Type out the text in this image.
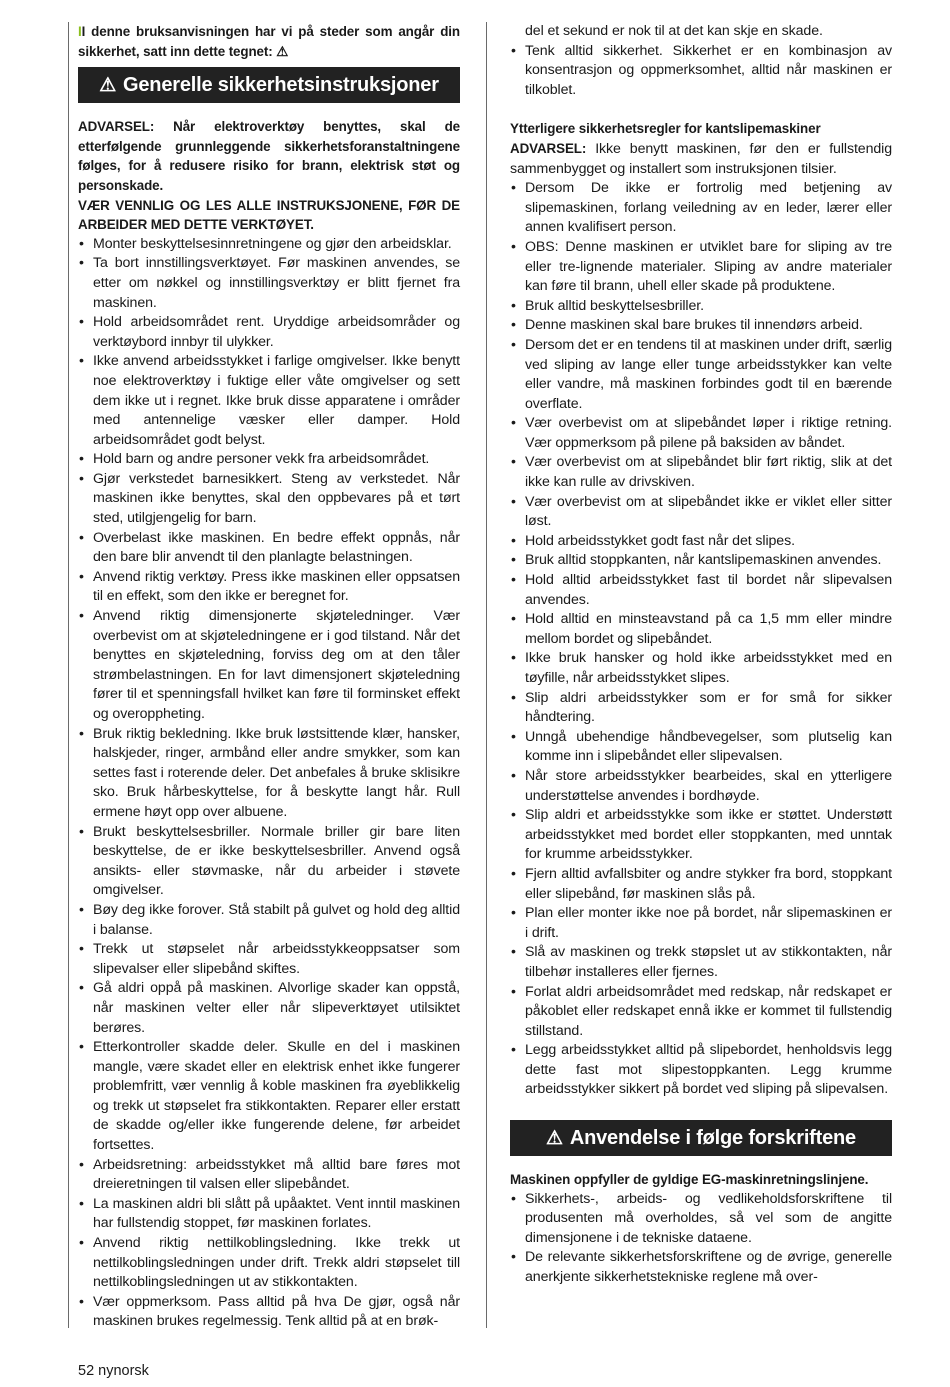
II denne bruksanvisningen har vi på steder som angår din sikkerhet, satt inn dette tegnet: ⚠

⚠ Generelle sikkerhetsinstruksjoner

ADVARSEL: Når elektroverktøy benyttes, skal de etterfølgende grunnleggende sikkerhetsforanstaltningene følges, for å redusere risiko for brann, elektrisk støt og personskade.

VÆR VENNLIG OG LES ALLE INSTRUKSJONENE, FØR DE ARBEIDER MED DETTE VERKTØYET.

• Monter beskyttelsesinnretningene og gjør den arbeidsklar.
• Ta bort innstillingsverktøyet. Før maskinen anvendes, se etter om nøkkel og innstillingsverktøy er blitt fjernet fra maskinen.
• Hold arbeidsområdet rent. Uryddige arbeidsområder og verktøybord innbyr til ulykker.
• Ikke anvend arbeidsstykket i farlige omgivelser. Ikke benytt noe elektroverktøy i fuktige eller våte omgivelser og sett dem ikke ut i regnet. Ikke bruk disse apparatene i områder med antennelige væsker eller damper. Hold arbeidsområdet godt belyst.
• Hold barn og andre personer vekk fra arbeidsområdet.
• Gjør verkstedet barnesikkert. Steng av verkstedet. Når maskinen ikke benyttes, skal den oppbevares på et tørt sted, utilgjengelig for barn.
• Overbelast ikke maskinen. En bedre effekt oppnås, når den bare blir anvendt til den planlagte belastningen.
• Anvend riktig verktøy. Press ikke maskinen eller oppsatsen til en effekt, som den ikke er beregnet for.
• Anvend riktig dimensjonerte skjøteledninger. Vær overbevist om at skjøteledningene er i god tilstand. Når det benyttes en skjøteledning, forviss deg om at den tåler strømbelastningen. En for lavt dimensjonert skjøteledning fører til et spenningsfall hvilket kan føre til forminsket effekt og overoppheting.
• Bruk riktig bekledning. Ikke bruk løstsittende klær, hansker, halskjeder, ringer, armbånd eller andre smykker, som kan settes fast i roterende deler. Det anbefales å bruke sklisikre sko. Bruk hårbeskyttelse, for å beskytte langt hår. Rull ermene høyt opp over albuene.
• Brukt beskyttelsesbriller. Normale briller gir bare liten beskyttelse, de er ikke beskyttelsesbriller. Anvend også ansikts- eller støvmaske, når du arbeider i støvete omgivelser.
• Bøy deg ikke forover. Stå stabilt på gulvet og hold deg alltid i balanse.
• Trekk ut støpselet når arbeidsstykkeoppsatser som slipevalser eller slipebånd skiftes.
• Gå aldri oppå på maskinen. Alvorlige skader kan oppstå, når maskinen velter eller når slipeverktøyet utilsiktet berøres.
• Etterkontroller skadde deler. Skulle en del i maskinen mangle, være skadet eller en elektrisk enhet ikke fungerer problemfritt, vær vennlig å koble maskinen fra øyeblikkelig og trekk ut støpselet fra stikkontakten. Reparer eller erstatt de skadde og/eller ikke fungerende delene, før arbeidet fortsettes.
• Arbeidsretning: arbeidsstykket må alltid bare føres mot dreieretningen til valsen eller slipebåndet.
• La maskinen aldri bli slått på upåaktet. Vent inntil maskinen har fullstendig stoppet, før maskinen forlates.
• Anvend riktig nettilkoblingsledning. Ikke trekk ut nettilkoblingsledningen under drift. Trekk aldri støpselet till nettilkoblingsledningen ut av stikkontakten.
• Vær oppmerksom. Pass alltid på hva De gjør, også når maskinen brukes regelmessig. Tenk alltid på at en brøk-
del et sekund er nok til at det kan skje en skade.
• Tenk alltid sikkerhet. Sikkerhet er en kombinasjon av konsentrasjon og oppmerksomhet, alltid når maskinen er tilkoblet.

Ytterligere sikkerhetsregler for kantslipemaskiner

ADVARSEL: Ikke benytt maskinen, før den er fullstendig sammenbygget og installert som instruksjonen tilsier.

• Dersom De ikke er fortrolig med betjening av slipemaskinen, forlang veiledning av en leder, lærer eller annen kvalifisert person.
• OBS: Denne maskinen er utviklet bare for sliping av tre eller tre-lignende materialer. Sliping av andre materialer kan føre til brann, uhell eller skade på produktene.
• Bruk alltid beskyttelsesbriller.
• Denne maskinen skal bare brukes til innendørs arbeid.
• Dersom det er en tendens til at maskinen under drift, særlig ved sliping av lange eller tunge arbeidsstykker kan velte eller vandre, må maskinen forbindes godt til en bærende overflate.
• Vær overbevist om at slipebåndet løper i riktige retning. Vær oppmerksom på pilene på baksiden av båndet.
• Vær overbevist om at slipebåndet blir ført riktig, slik at det ikke kan rulle av drivskiven.
• Vær overbevist om at slipebåndet ikke er viklet eller sitter løst.
• Hold arbeidsstykket godt fast når det slipes.
• Bruk alltid stoppkanten, når kantslipemaskinen anvendes.
• Hold alltid arbeidsstykket fast til bordet når slipevalsen anvendes.
• Hold alltid en minsteavstand på ca 1,5 mm eller mindre mellom bordet og slipebåndet.
• Ikke bruk hansker og hold ikke arbeidsstykket med en tøyfille, når arbeidsstykket slipes.
• Slip aldri arbeidsstykker som er for små for sikker håndtering.
• Unngå ubehendige håndbevegelser, som plutselig kan komme inn i slipebåndet eller slipevalsen.
• Når store arbeidsstykker bearbeides, skal en ytterligere understøttelse anvendes i bordhøyde.
• Slip aldri et arbeidsstykke som ikke er støttet. Understøtt arbeidsstykket med bordet eller stoppkanten, med unntak for krumme arbeidsstykker.
• Fjern alltid avfallsbiter og andre stykker fra bord, stoppkant eller slipebånd, før maskinen slås på.
• Plan eller monter ikke noe på bordet, når slipemaskinen er i drift.
• Slå av maskinen og trekk støpslet ut av stikkontakten, når tilbehør installeres eller fjernes.
• Forlat aldri arbeidsområdet med redskap, når redskapet er påkoblet eller redskapet ennå ikke er kommet til fullstendig stillstand.
• Legg arbeidsstykket alltid på slipebordet, henholdsvis legg dette fast mot slipestoppkanten. Legg krumme arbeidsstykker sikkert på bordet ved sliping på slipevalsen.
⚠ Anvendelse i følge forskriftene

Maskinen oppfyller de gyldige EG-maskinretningslinjene.

• Sikkerhets-, arbeids- og vedlikeholdsforskriftene til produsenten må overholdes, så vel som de angitte dimensjonene i de tekniske dataene.
• De relevante sikkerhetsforskriftene og de øvrige, generelle anerkjente sikkerhetstekniske reglene må over-
52 nynorsk
